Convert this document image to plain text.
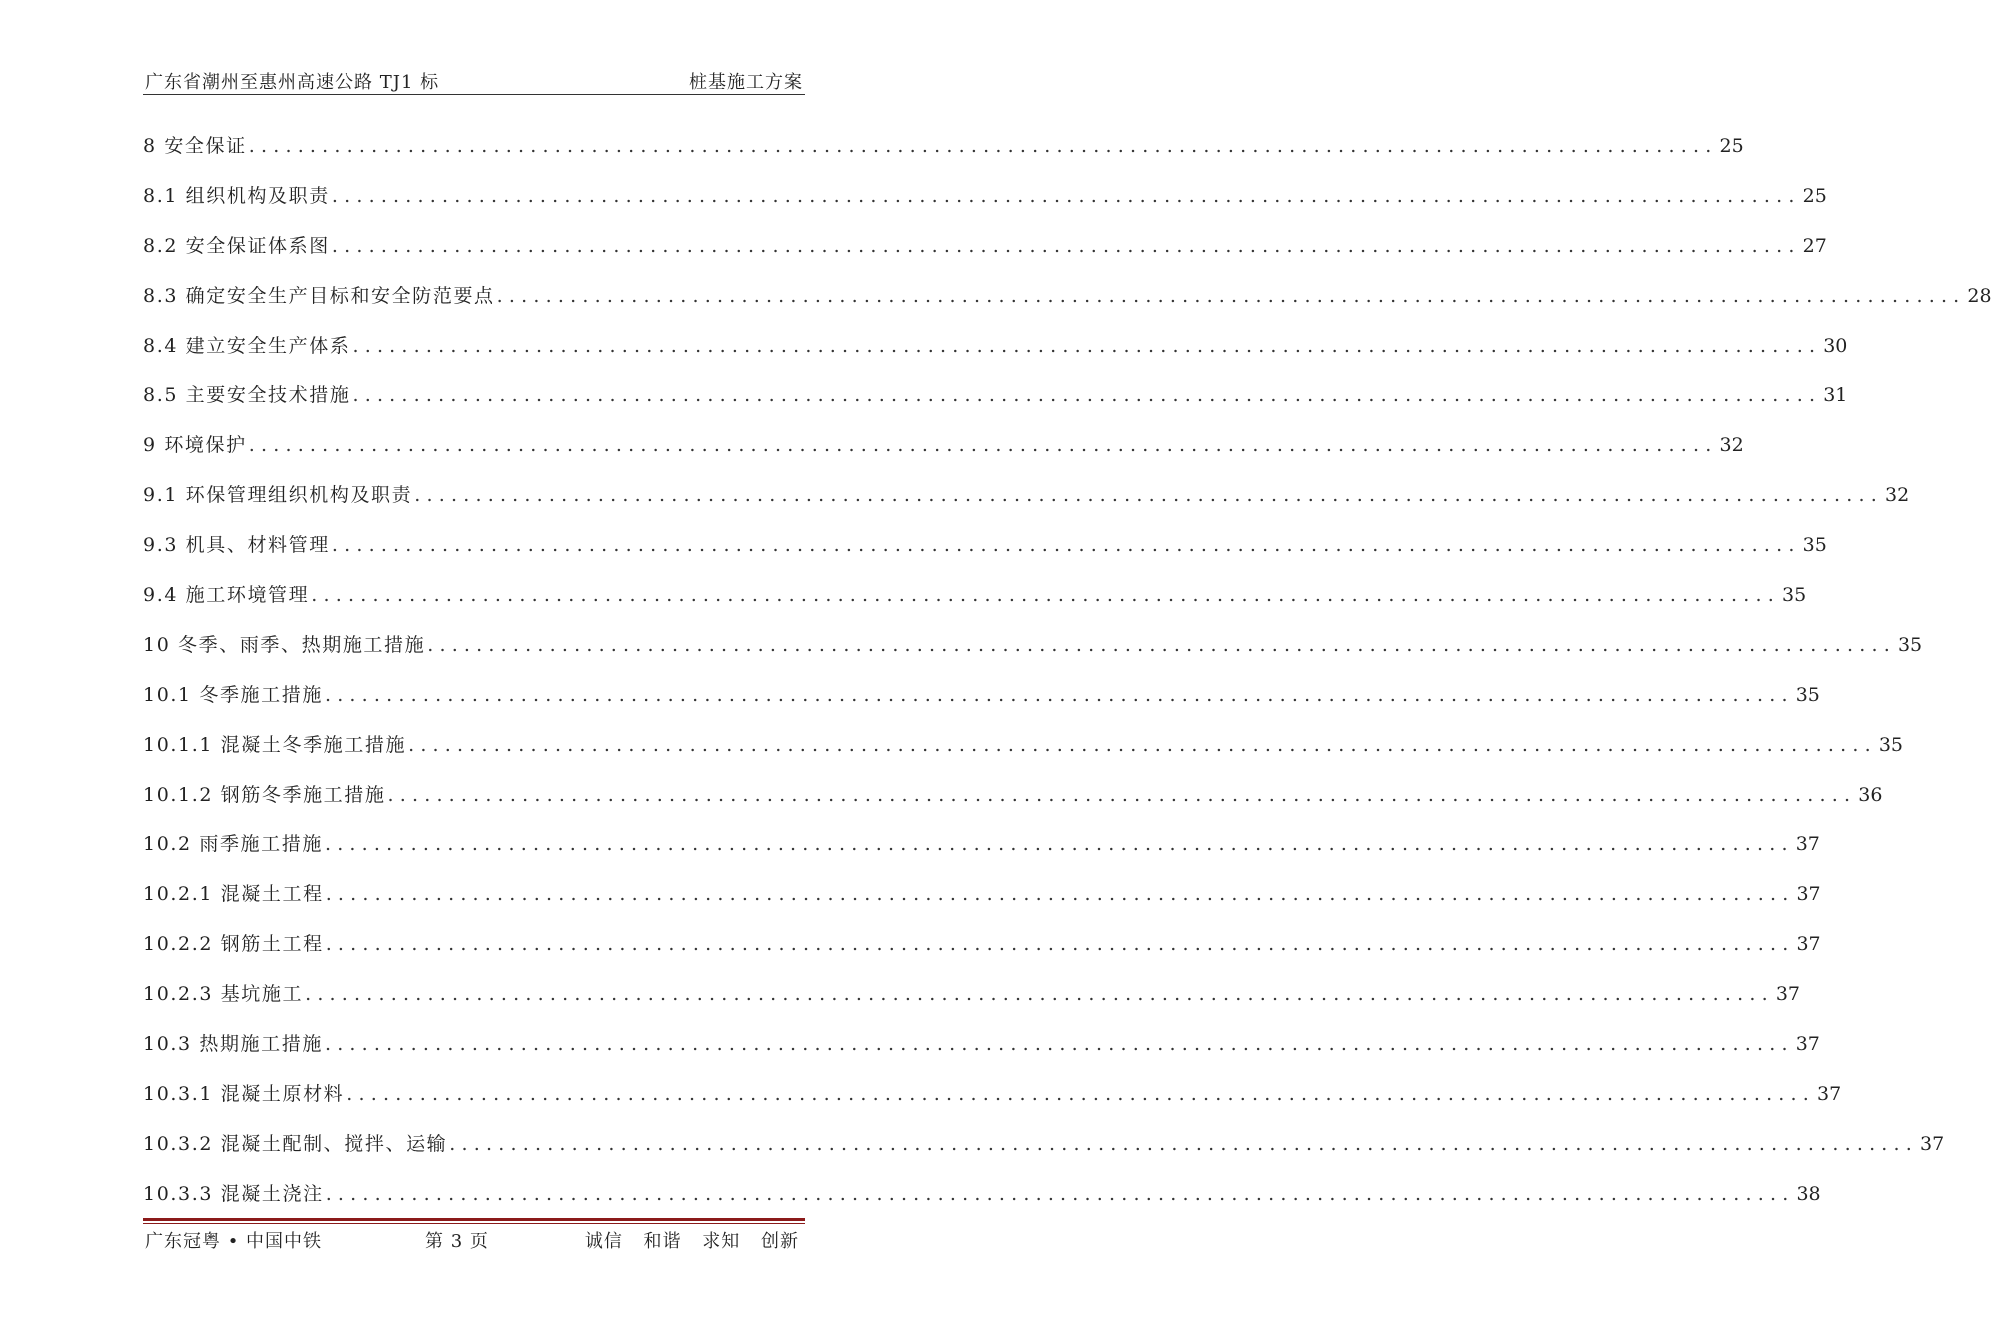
广东省潮州至惠州高速公路 TJ1 标	桩基施工方案
8 安全保证 ........................................................................................................................ 25
8.1 组织机构及职责 ........................................................................................................................ 25
8.2 安全保证体系图 ........................................................................................................................ 27
8.3 确定安全生产目标和安全防范要点 ........................................................................................................................ 28
8.4 建立安全生产体系 ........................................................................................................................ 30
8.5 主要安全技术措施 ........................................................................................................................ 31
9 环境保护 ........................................................................................................................ 32
9.1 环保管理组织机构及职责 ........................................................................................................................ 32
9.3 机具、材料管理 ........................................................................................................................ 35
9.4 施工环境管理 ........................................................................................................................ 35
10 冬季、雨季、热期施工措施 ........................................................................................................................ 35
10.1 冬季施工措施 ........................................................................................................................ 35
10.1.1 混凝土冬季施工措施 ........................................................................................................................ 35
10.1.2 钢筋冬季施工措施 ........................................................................................................................ 36
10.2 雨季施工措施 ........................................................................................................................ 37
10.2.1 混凝土工程 ........................................................................................................................ 37
10.2.2 钢筋土工程 ........................................................................................................................ 37
10.2.3 基坑施工 ........................................................................................................................ 37
10.3 热期施工措施 ........................................................................................................................ 37
10.3.1 混凝土原材料 ........................................................................................................................ 37
10.3.2 混凝土配制、搅拌、运输 ........................................................................................................................ 37
10.3.3 混凝土浇注 ........................................................................................................................ 38
广东冠粤 • 中国中铁	第 3 页	诚信 和谐 求知 创新
